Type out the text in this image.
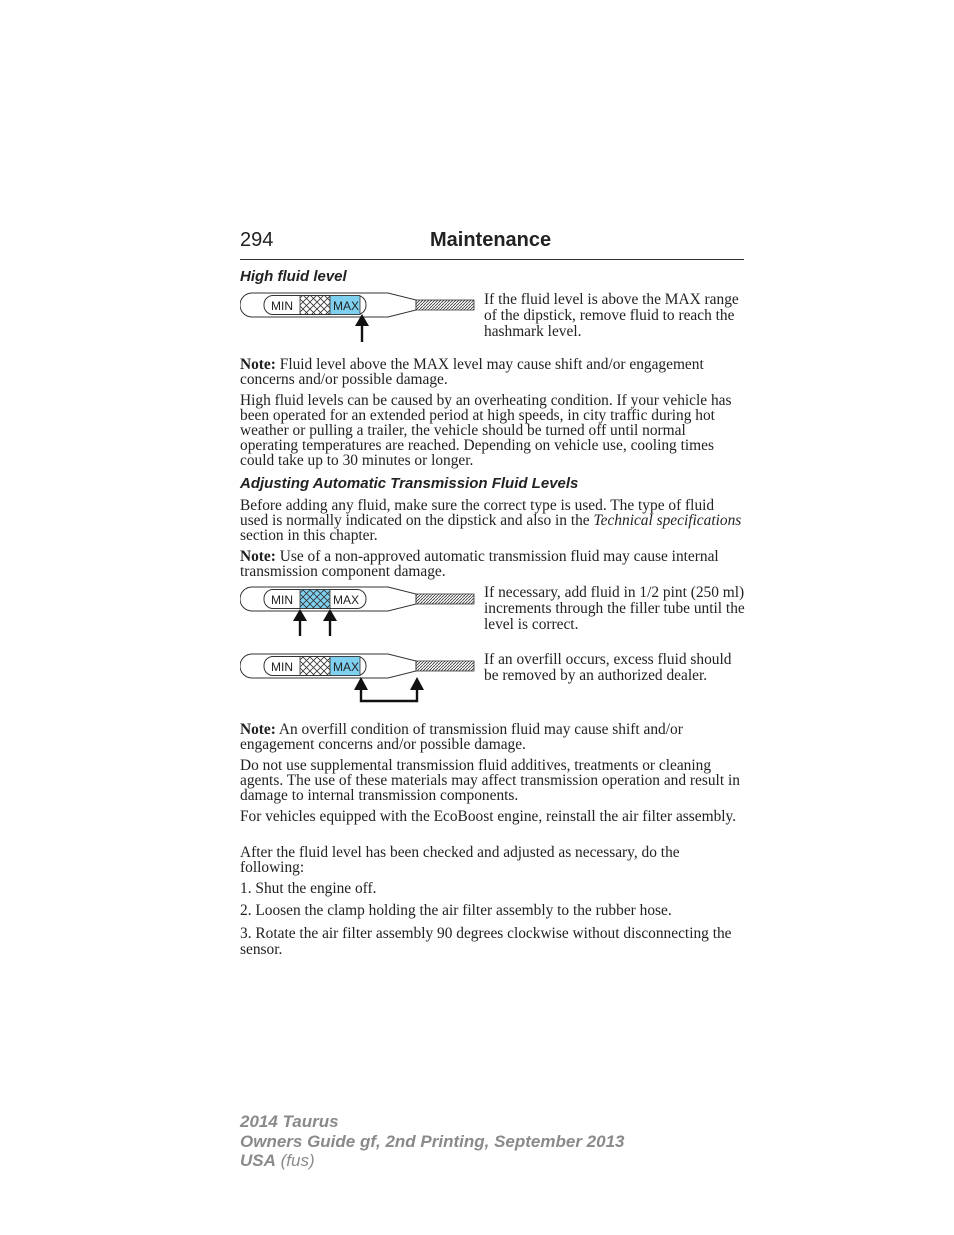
294	Maintenance
High fluid level
MIN	MAX	If the fluid level is above the MAX range of the dipstick, remove fluid to reach the hashmark level.

Note: Fluid level above the MAX level may cause shift and/or engagement concerns and/or possible damage.

High fluid levels can be caused by an overheating condition. If your vehicle has been operated for an extended period at high speeds, in city traffic during hot weather or pulling a trailer, the vehicle should be turned off until normal operating temperatures are reached. Depending on vehicle use, cooling times could take up to 30 minutes or longer.

Adjusting Automatic Transmission Fluid Levels

Before adding any fluid, make sure the correct type is used. The type of fluid used is normally indicated on the dipstick and also in the Technical specifications section in this chapter.

Note: Use of a non-approved automatic transmission fluid may cause internal transmission component damage.

MIN	MAX	If necessary, add fluid in 1/2 pint (250 ml) increments through the filler tube until the level is correct.

MIN	MAX	If an overfill occurs, excess fluid should be removed by an authorized dealer.

Note: An overfill condition of transmission fluid may cause shift and/or engagement concerns and/or possible damage.

Do not use supplemental transmission fluid additives, treatments or cleaning agents. The use of these materials may affect transmission operation and result in damage to internal transmission components.

For vehicles equipped with the EcoBoost engine, reinstall the air filter assembly.

After the fluid level has been checked and adjusted as necessary, do the following:

1. Shut the engine off.

2. Loosen the clamp holding the air filter assembly to the rubber hose.

3. Rotate the air filter assembly 90 degrees clockwise without disconnecting the sensor.

2014 Taurus
Owners Guide gf, 2nd Printing, September 2013
USA (fus)
